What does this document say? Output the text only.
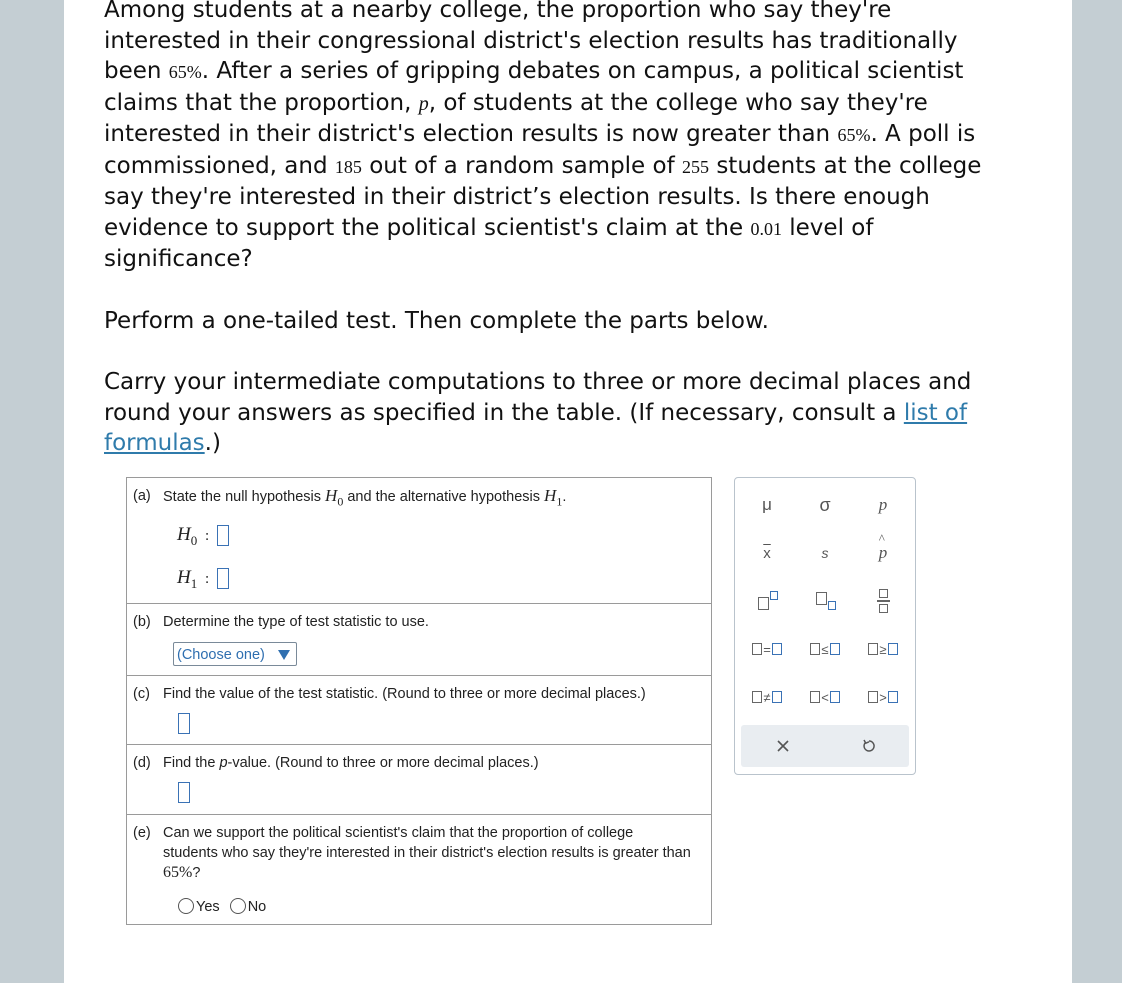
Among students at a nearby college, the proportion who say they're interested in their congressional district's election results has traditionally been 65%. After a series of gripping debates on campus, a political scientist claims that the proportion, p, of students at the college who say they're interested in their district's election results is now greater than 65%. A poll is commissioned, and 185 out of a random sample of 255 students at the college say they're interested in their district’s election results. Is there enough evidence to support the political scientist's claim at the 0.01 level of significance?

Perform a one-tailed test. Then complete the parts below.

Carry your intermediate computations to three or more decimal places and round your answers as specified in the table. (If necessary, consult a list of formulas.)

(a) State the null hypothesis $H_0$ and the alternative hypothesis $H_1$.
$H_0$ :
$H_1$ :
(b) Determine the type of test statistic to use.
(Choose one)
(c) Find the value of the test statistic. (Round to three or more decimal places.)
(d) Find the p-value. (Round to three or more decimal places.)
(e) Can we support the political scientist's claim that the proportion of college students who say they're interested in their district's election results is greater than 65%?
Yes No
μ	σ	p
$\overline{x}$	s
^
p
=	≤	≥
≠	<	>
